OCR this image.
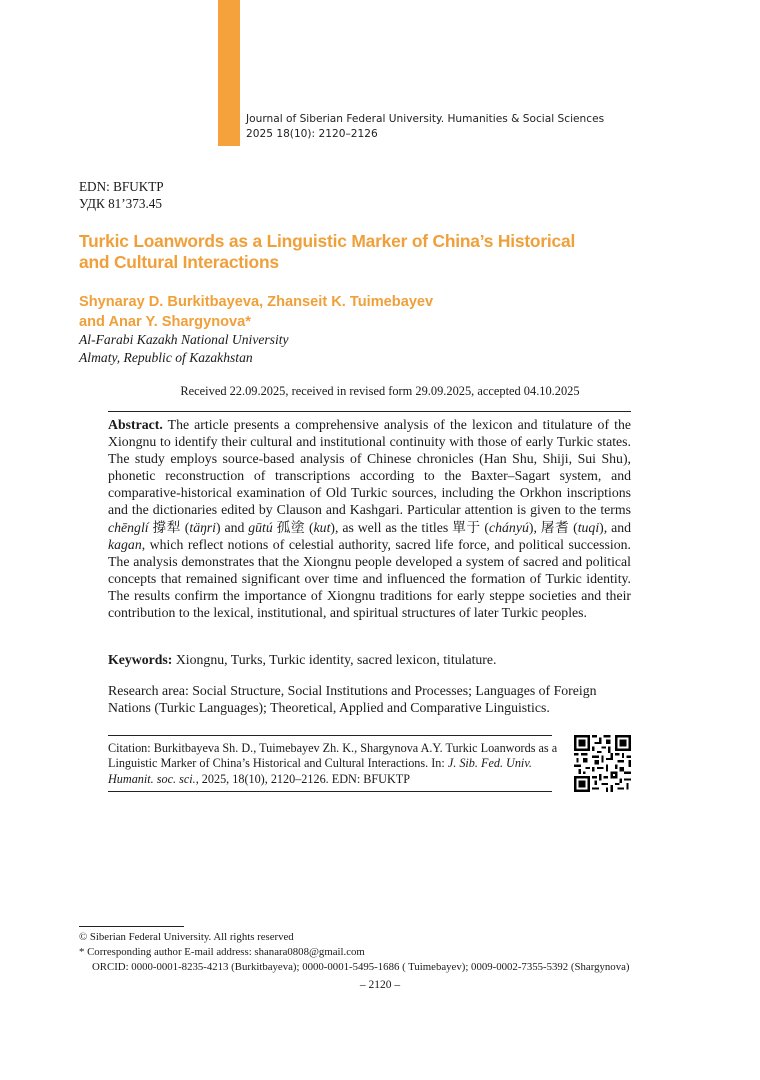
Journal of Siberian Federal University. Humanities & Social Sciences
2025 18(10): 2120–2126
EDN: BFUKTP
УДК 81’373.45
Turkic Loanwords as a Linguistic Marker of China’s Historical
and Cultural Interactions
Shynaray D. Burkitbayeva, Zhanseit K. Tuimebayev
and Anar Y. Shargynova*
Al-Farabi Kazakh National University
Almaty, Republic of Kazakhstan
Received 22.09.2025, received in revised form 29.09.2025, accepted 04.10.2025
Abstract. The article presents a comprehensive analysis of the lexicon and titulature of the Xiongnu to identify their cultural and institutional continuity with those of early Turkic states. The study employs source-based analysis of Chinese chronicles (Han Shu, Shiji, Sui Shu), phonetic reconstruction of transcriptions according to the Baxter–Sagart system, and comparative-historical examination of Old Turkic sources, including the Orkhon inscriptions and the dictionaries edited by Clauson and Kashgari. Particular attention is given to the terms chēnglí 撐犁 (täŋri) and gūtú 孤塗 (kut), as well as the titles 單于 (chányú), 屠耆 (tuqi), and kagan, which reflect notions of celestial authority, sacred life force, and political succession. The analysis demonstrates that the Xiongnu people developed a system of sacred and political concepts that remained significant over time and influenced the formation of Turkic identity. The results confirm the importance of Xiongnu traditions for early steppe societies and their contribution to the lexical, institutional, and spiritual structures of later Turkic peoples.
Keywords: Xiongnu, Turks, Turkic identity, sacred lexicon, titulature.
Research area: Social Structure, Social Institutions and Processes; Languages of Foreign Nations (Turkic Languages); Theoretical, Applied and Comparative Linguistics.
Citation: Burkitbayeva Sh. D., Tuimebayev Zh. K., Shargynova A.Y. Turkic Loanwords as a Linguistic Marker of China’s Historical and Cultural Interactions. In: J. Sib. Fed. Univ. Humanit. soc. sci., 2025, 18(10), 2120–2126. EDN: BFUKTP
© Siberian Federal University. All rights reserved
* Corresponding author E-mail address: shanara0808@gmail.com
ORCID: 0000-0001-8235-4213 (Burkitbayeva); 0000-0001-5495-1686 ( Tuimebayev); 0009-0002-7355-5392 (Shargynova)
– 2120 –
